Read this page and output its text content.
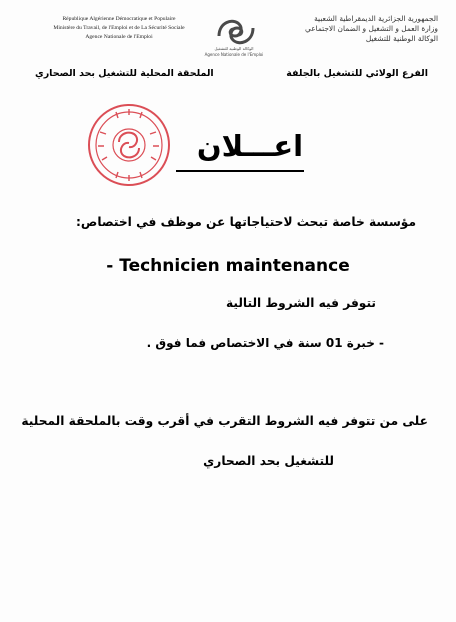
République Algérienne Démocratique et Populaire
Ministère du Travail, de l'Emploi et de La Sécurité Sociale
Agence Nationale de l'Emploi
الوكالة الوطنية للتشغيل
Agence Nationale de l'Emploi
الجمهورية الجزائرية الديمقراطية الشعبية
وزارة العمل و التشغيل و الضمان الاجتماعي
الوكالة الوطنية للتشغيل
الفرع الولائي للتشغيل بالجلفة
الملحقة المحلية للتشغيل بحد الصحاري
اعـــلان
مؤسسة خاصة تبحث لاحتياجاتها عن موظف في اختصاص:
- Technicien maintenance
تتوفر فيه الشروط التالية
- خبرة 01 سنة في الاختصاص فما فوق .
على من تتوفر فيه الشروط التقرب في أقرب وقت بالملحقة المحلية
للتشغيل بحد الصحاري
